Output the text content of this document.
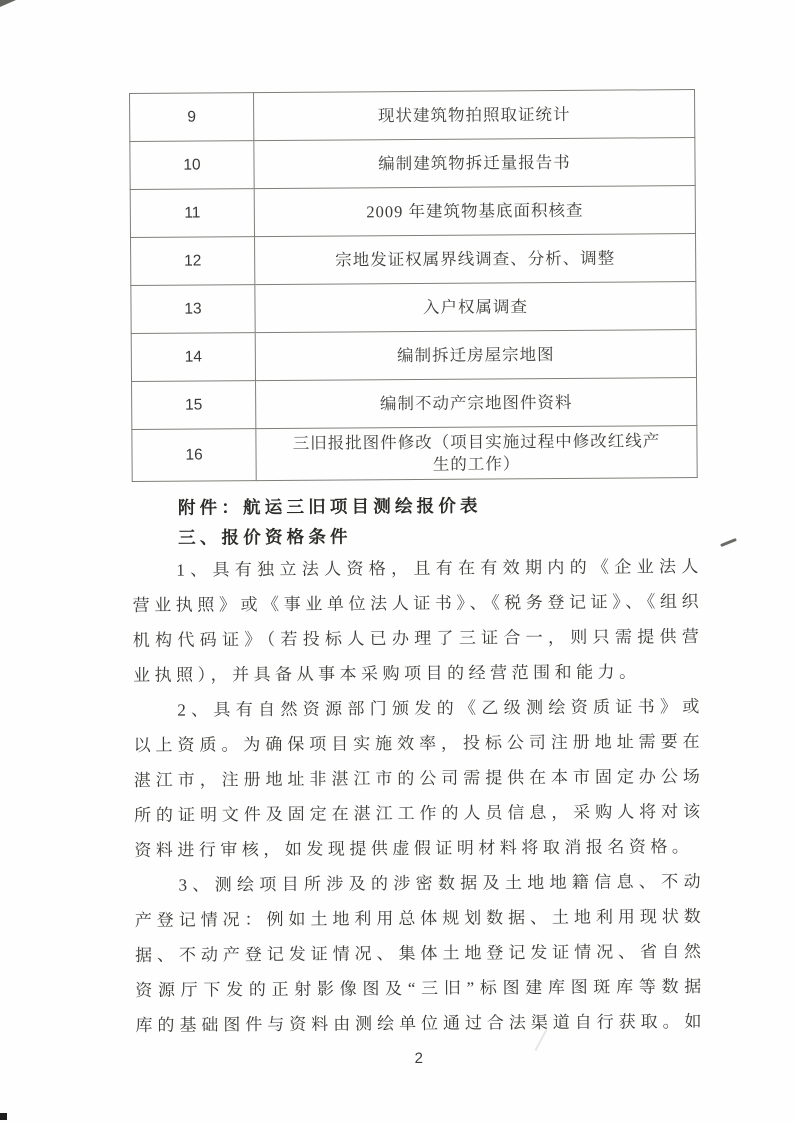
9	现状建筑物拍照取证统计
10	编制建筑物拆迁量报告书
11	2009 年建筑物基底面积核查
12	宗地发证权属界线调查、分析、调整
13	入户权属调查
14	编制拆迁房屋宗地图
15	编制不动产宗地图件资料
16	三旧报批图件修改（项目实施过程中修改红线产生的工作）
附件：航运三旧项目测绘报价表
三、报价资格条件
1、具有独立法人资格，且有在有效期内的《企业法人
营业执照》或《事业单位法人证书》、《税务登记证》、《组织
机构代码证》（若投标人已办理了三证合一，则只需提供营
业执照），并具备从事本采购项目的经营范围和能力。
2、具有自然资源部门颁发的《乙级测绘资质证书》或
以上资质。为确保项目实施效率，投标公司注册地址需要在
湛江市，注册地址非湛江市的公司需提供在本市固定办公场
所的证明文件及固定在湛江工作的人员信息，采购人将对该
资料进行审核，如发现提供虚假证明材料将取消报名资格。
3、测绘项目所涉及的涉密数据及土地地籍信息、不动
产登记情况：例如土地利用总体规划数据、土地利用现状数
据、不动产登记发证情况、集体土地登记发证情况、省自然
资源厅下发的正射影像图及“三旧”标图建库图斑库等数据
库的基础图件与资料由测绘单位通过合法渠道自行获取。如
2
